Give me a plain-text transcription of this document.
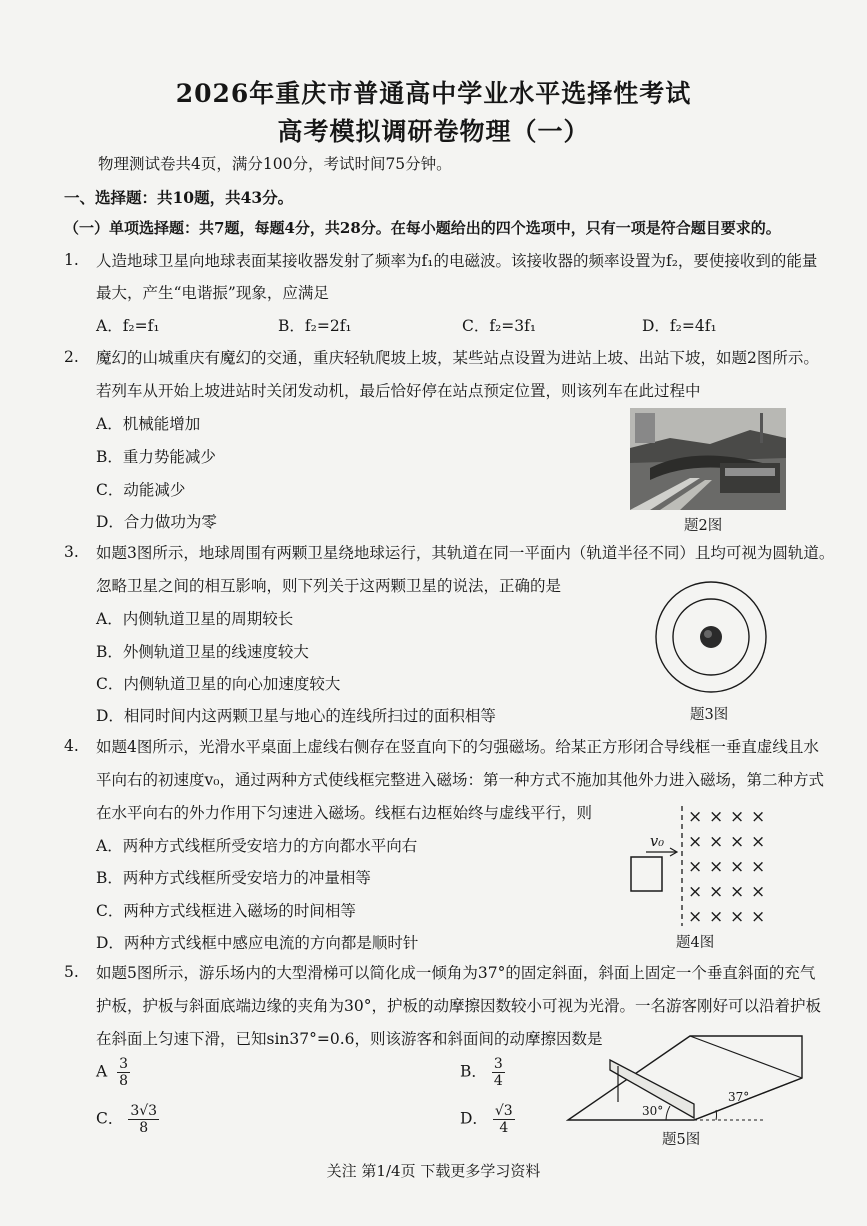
2026年重庆市普通高中学业水平选择性考试
高考模拟调研卷物理（一）
物理测试卷共4页，满分100分，考试时间75分钟。
一、选择题：共10题，共43分。
（一）单项选择题：共7题，每题4分，共28分。在每小题给出的四个选项中，只有一项是符合题目要求的。
1. 人造地球卫星向地球表面某接收器发射了频率为f₁的电磁波。该接收器的频率设置为f₂，要使接收到的能量
最大，产生“电谐振”现象，应满足
A．f₂=f₁	B．f₂=2f₁	C．f₂=3f₁	D．f₂=4f₁
2. 魔幻的山城重庆有魔幻的交通，重庆轻轨爬坡上坡，某些站点设置为进站上坡、出站下坡，如题2图所示。
若列车从开始上坡进站时关闭发动机，最后恰好停在站点预定位置，则该列车在此过程中
A．机械能增加
B．重力势能减少
C．动能减少
D．合力做功为零	题2图
3. 如题3图所示，地球周围有两颗卫星绕地球运行，其轨道在同一平面内（轨道半径不同）且均可视为圆轨道。
忽略卫星之间的相互影响，则下列关于这两颗卫星的说法，正确的是
A．内侧轨道卫星的周期较长
B．外侧轨道卫星的线速度较大
C．内侧轨道卫星的向心加速度较大
D．相同时间内这两颗卫星与地心的连线所扫过的面积相等	题3图
4. 如题4图所示，光滑水平桌面上虚线右侧存在竖直向下的匀强磁场。给某正方形闭合导线框一垂直虚线且水
平向右的初速度v₀，通过两种方式使线框完整进入磁场：第一种方式不施加其他外力进入磁场，第二种方式
在水平向右的外力作用下匀速进入磁场。线框右边框始终与虚线平行，则
A．两种方式线框所受安培力的方向都水平向右
B．两种方式线框所受安培力的冲量相等
C．两种方式线框进入磁场的时间相等
D．两种方式线框中感应电流的方向都是顺时针
× × × ×
× × × ×
× × × ×
× × × ×
× × × ×
v₀
题4图
5. 如题5图所示，游乐场内的大型滑梯可以简化成一倾角为37°的固定斜面，斜面上固定一个垂直斜面的充气
护板，护板与斜面底端边缘的夹角为30°，护板的动摩擦因数较小可视为光滑。一名游客刚好可以沿着护板
在斜面上匀速下滑，已知sin37°=0.6，则该游客和斜面间的动摩擦因数是
A $\frac{3}{8}$	B． $\frac{3}{4}$
C． $\frac{3√3}{8}$	D． $\frac{√3}{4}$	30°
37°
题5图
关注 第1/4页 下载更多学习资料
